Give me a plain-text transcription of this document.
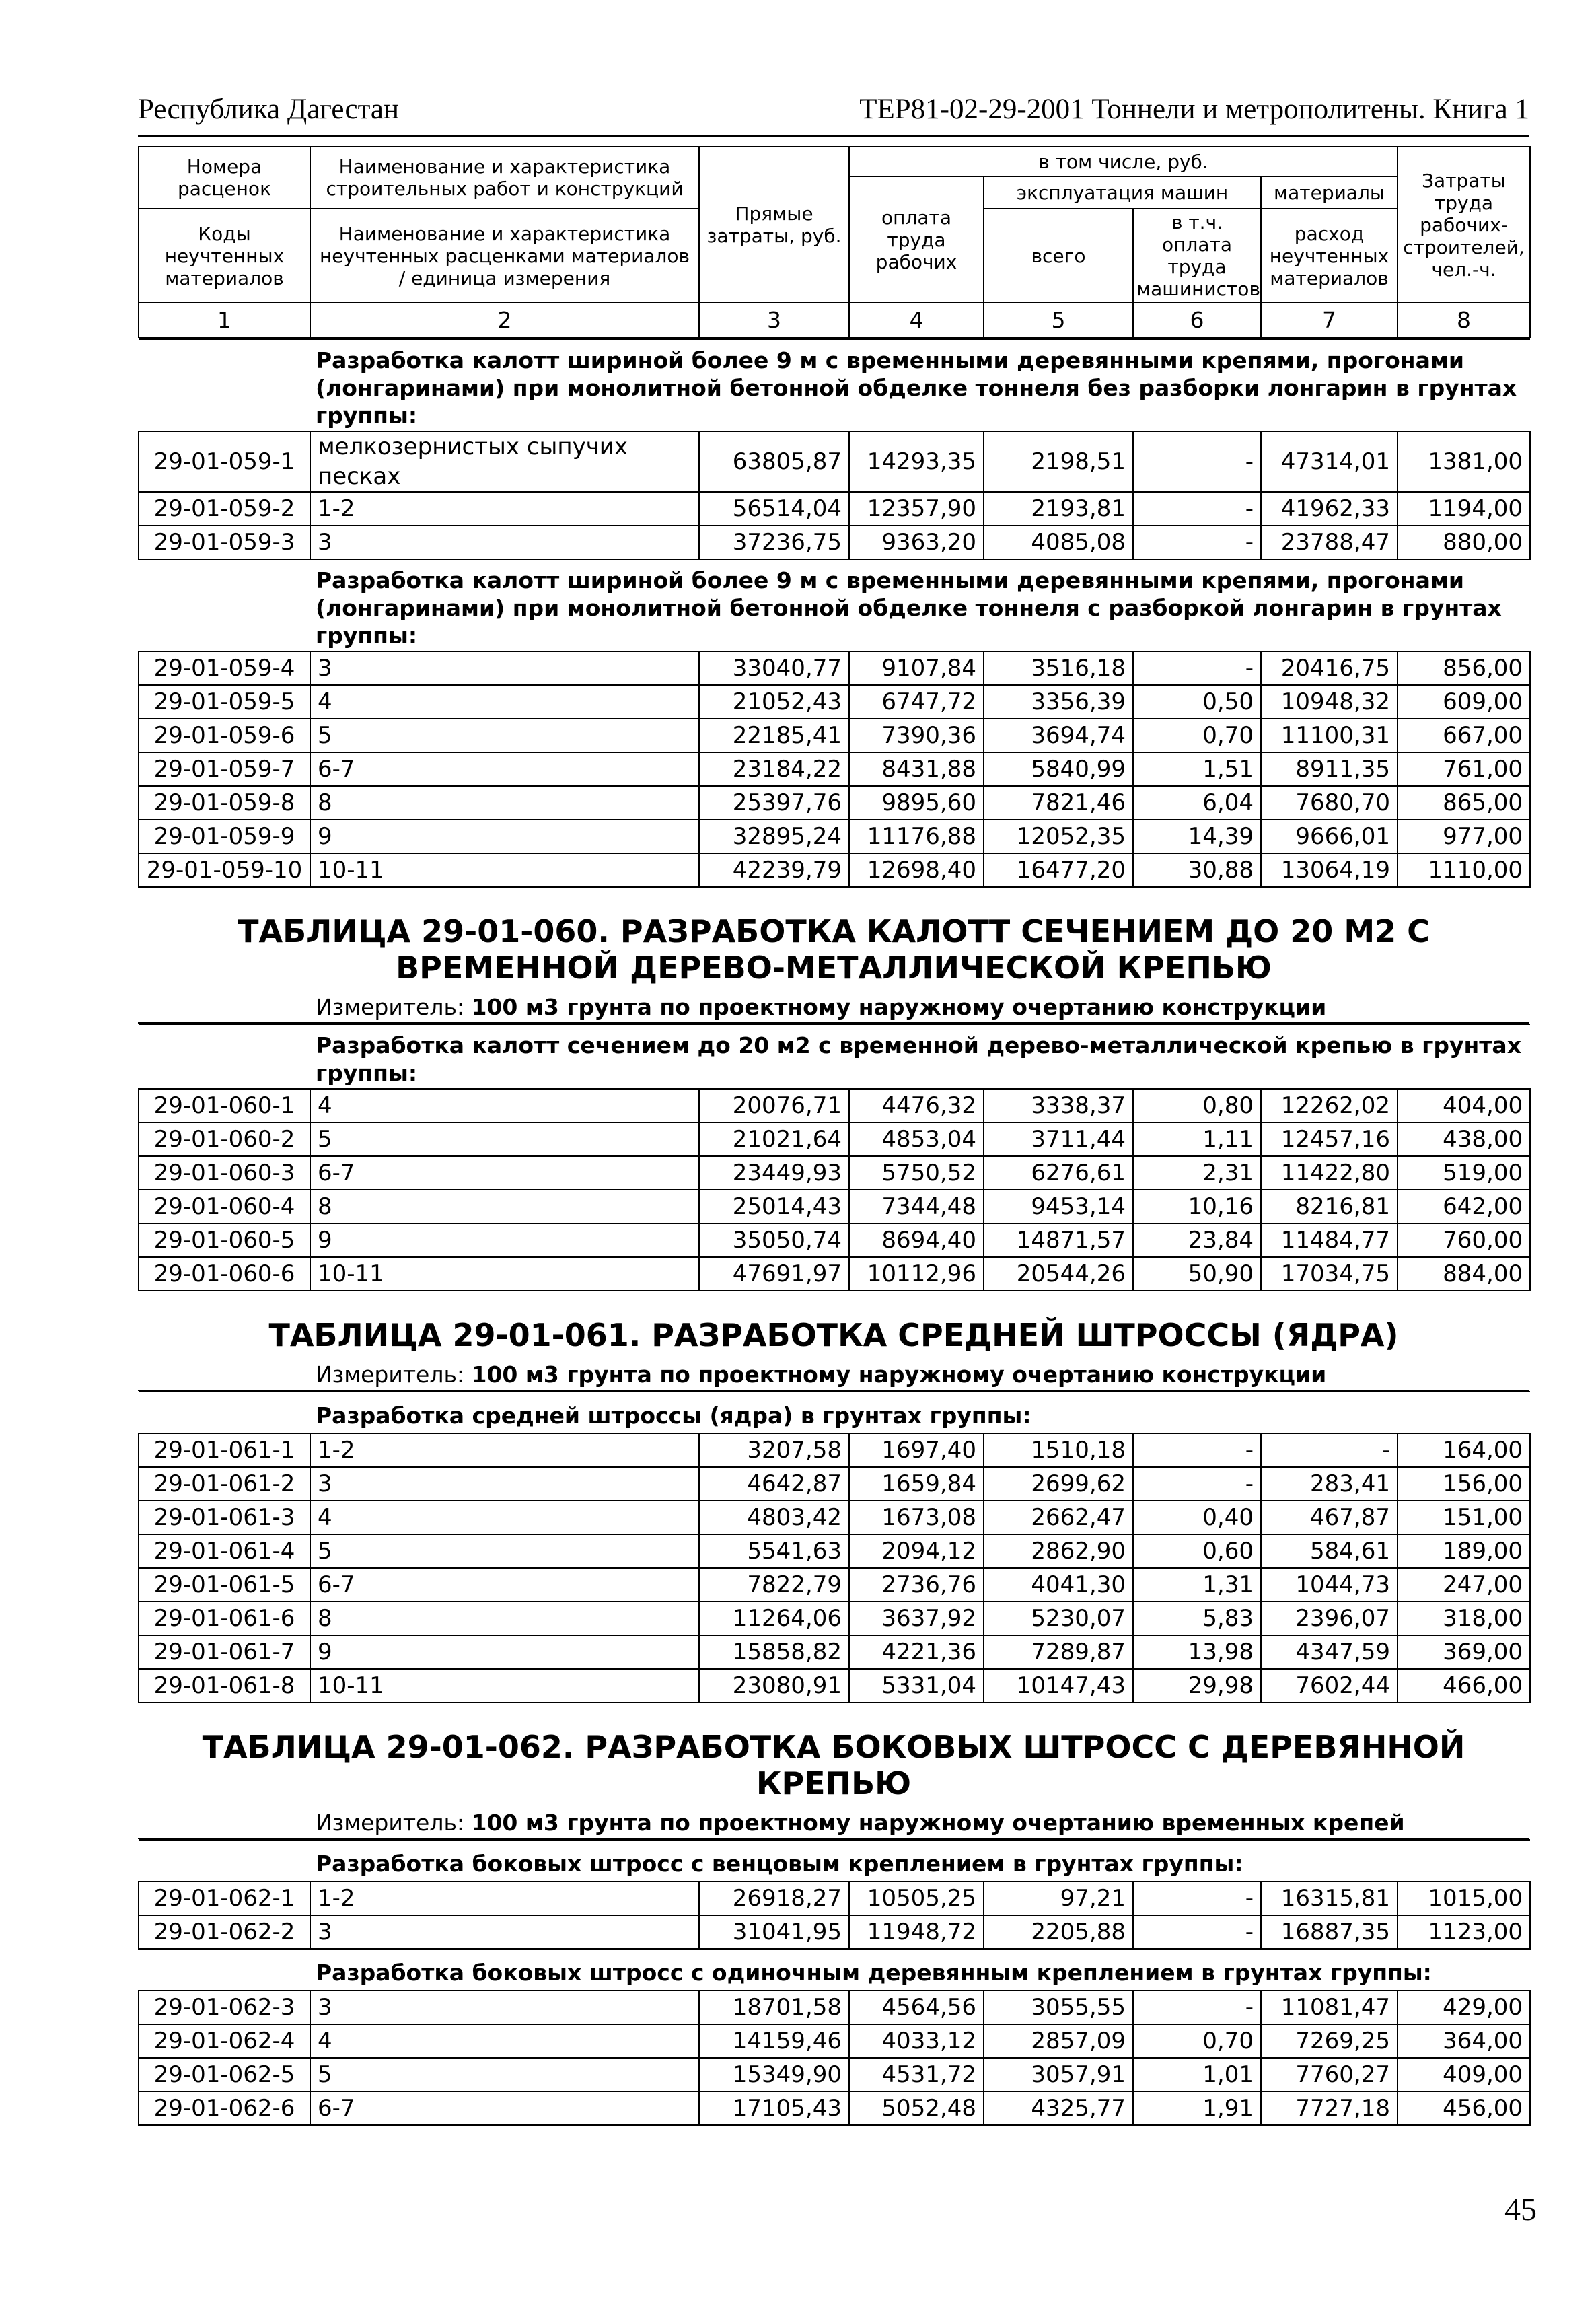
Республика Дагестан	ТЕР81-02-29-2001 Тоннели и метрополитены. Книга 1
Номера расценок	Наименование и характеристика строительных работ и конструкций	Прямые затраты, руб.	в том числе, руб.				Затраты труда рабочих-строителей, чел.-ч.
			оплата труда рабочих	эксплуатация машин		материалы	
Коды неучтенных материалов	Наименование и характеристика неучтенных расценками материалов / единица измерения			всего	в т.ч. оплата труда машинистов	расход неучтенных материалов	

1	2	3	4	5	6	7	8
	Разработка калотт шириной более 9 м с временными деревянными крепями, прогонами (лонгаринами) при монолитной бетонной обделке тоннеля без разборки лонгарин в грунтах группы:						
29-01-059-1	мелкозернистых сыпучих песках	63805,87	14293,35	2198,51	-	47314,01	1381,00
29-01-059-2	1-2	56514,04	12357,90	2193,81	-	41962,33	1194,00
29-01-059-3	3	37236,75	9363,20	4085,08	-	23788,47	880,00
	Разработка калотт шириной более 9 м с временными деревянными крепями, прогонами (лонгаринами) при монолитной бетонной обделке тоннеля с разборкой лонгарин в грунтах группы:						
29-01-059-4	3	33040,77	9107,84	3516,18	-	20416,75	856,00
29-01-059-5	4	21052,43	6747,72	3356,39	0,50	10948,32	609,00
29-01-059-6	5	22185,41	7390,36	3694,74	0,70	11100,31	667,00
29-01-059-7	6-7	23184,22	8431,88	5840,99	1,51	8911,35	761,00
29-01-059-8	8	25397,76	9895,60	7821,46	6,04	7680,70	865,00
29-01-059-9	9	32895,24	11176,88	12052,35	14,39	9666,01	977,00
29-01-059-10	10-11	42239,79	12698,40	16477,20	30,88	13064,19	1110,00
ТАБЛИЦА 29-01-060. РАЗРАБОТКА КАЛОТТ СЕЧЕНИЕМ ДО 20 М2 С ВРЕМЕННОЙ ДЕРЕВО-МЕТАЛЛИЧЕСКОЙ КРЕПЬЮ
Измеритель: 100 м3 грунта по проектному наружному очертанию конструкции
	Разработка калотт сечением до 20 м2 с временной дерево-металлической крепью в грунтах группы:						
29-01-060-1	4	20076,71	4476,32	3338,37	0,80	12262,02	404,00
29-01-060-2	5	21021,64	4853,04	3711,44	1,11	12457,16	438,00
29-01-060-3	6-7	23449,93	5750,52	6276,61	2,31	11422,80	519,00
29-01-060-4	8	25014,43	7344,48	9453,14	10,16	8216,81	642,00
29-01-060-5	9	35050,74	8694,40	14871,57	23,84	11484,77	760,00
29-01-060-6	10-11	47691,97	10112,96	20544,26	50,90	17034,75	884,00
ТАБЛИЦА 29-01-061. РАЗРАБОТКА СРЕДНЕЙ ШТРОССЫ (ЯДРА)
Измеритель: 100 м3 грунта по проектному наружному очертанию конструкции
	Разработка средней штроссы (ядра) в грунтах группы:						
29-01-061-1	1-2	3207,58	1697,40	1510,18	-	-	164,00
29-01-061-2	3	4642,87	1659,84	2699,62	-	283,41	156,00
29-01-061-3	4	4803,42	1673,08	2662,47	0,40	467,87	151,00
29-01-061-4	5	5541,63	2094,12	2862,90	0,60	584,61	189,00
29-01-061-5	6-7	7822,79	2736,76	4041,30	1,31	1044,73	247,00
29-01-061-6	8	11264,06	3637,92	5230,07	5,83	2396,07	318,00
29-01-061-7	9	15858,82	4221,36	7289,87	13,98	4347,59	369,00
29-01-061-8	10-11	23080,91	5331,04	10147,43	29,98	7602,44	466,00
ТАБЛИЦА 29-01-062. РАЗРАБОТКА БОКОВЫХ ШТРОСС С ДЕРЕВЯННОЙ КРЕПЬЮ
Измеритель: 100 м3 грунта по проектному наружному очертанию временных крепей
	Разработка боковых штросс с венцовым креплением в грунтах группы:						
29-01-062-1	1-2	26918,27	10505,25	97,21	-	16315,81	1015,00
29-01-062-2	3	31041,95	11948,72	2205,88	-	16887,35	1123,00
	Разработка боковых штросс с одиночным деревянным креплением в грунтах группы:						
29-01-062-3	3	18701,58	4564,56	3055,55	-	11081,47	429,00
29-01-062-4	4	14159,46	4033,12	2857,09	0,70	7269,25	364,00
29-01-062-5	5	15349,90	4531,72	3057,91	1,01	7760,27	409,00
29-01-062-6	6-7	17105,43	5052,48	4325,77	1,91	7727,18	456,00
45
